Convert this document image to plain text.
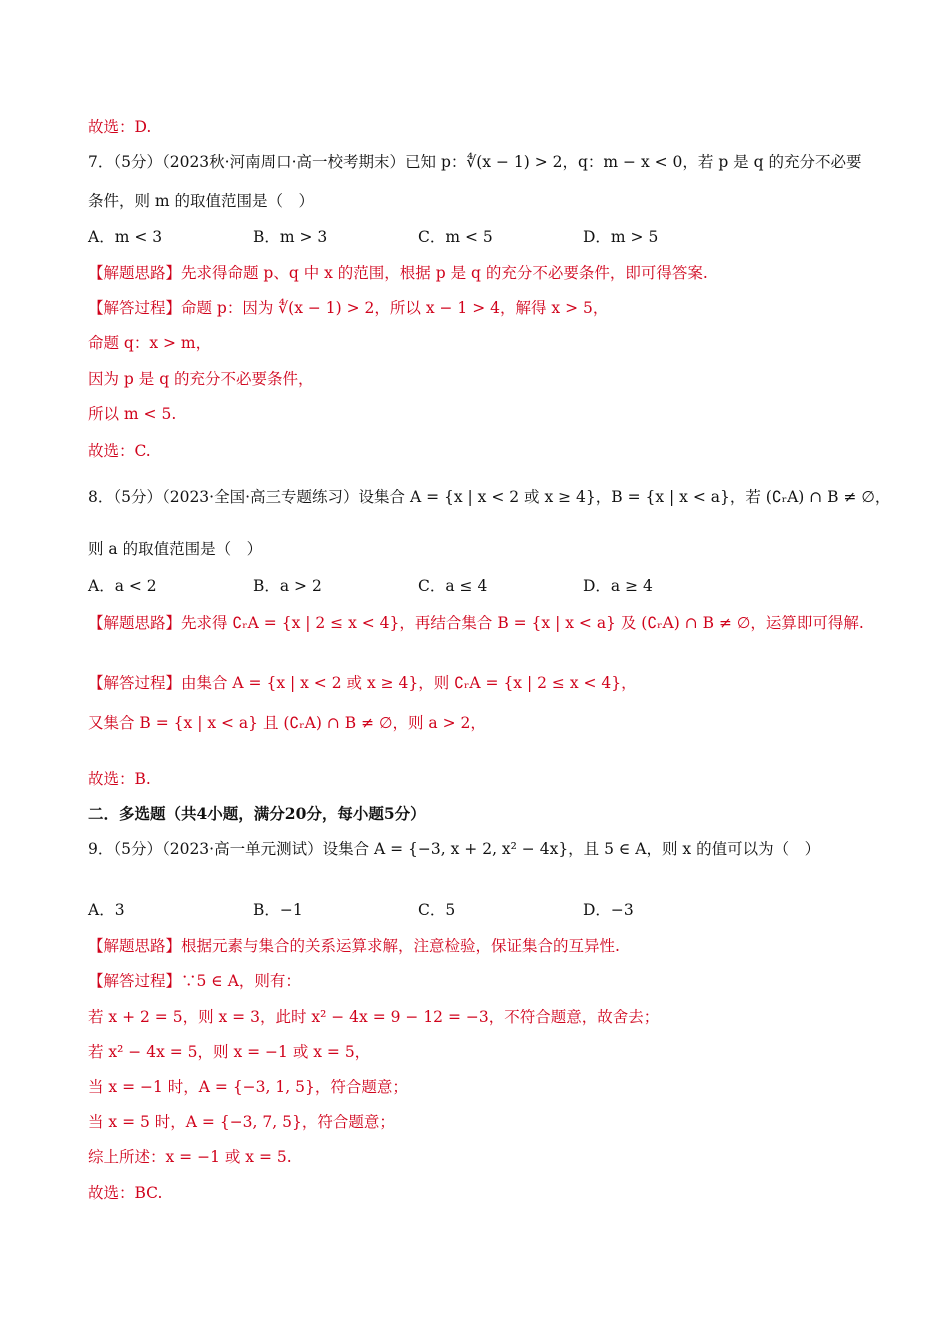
故选：D.
7．（5分）（2023秋·河南周口·高一校考期末）已知 p：∜(x − 1) > 2，q：m − x < 0，若 p 是 q 的充分不必要
条件，则 m 的取值范围是（　）
【解题思路】先求得命题 p、q 中 x 的范围，根据 p 是 q 的充分不必要条件，即可得答案.
【解答过程】命题 p：因为 ∜(x − 1) > 2，所以 x − 1 > 4，解得 x > 5，
命题 q：x > m，
因为 p 是 q 的充分不必要条件，
所以 m < 5.
故选：C.
8．（5分）（2023·全国·高三专题练习）设集合 A = {x | x < 2 或 x ≥ 4}，B = {x | x < a}，若 (∁ᵣA) ∩ B ≠ ∅，
则 a 的取值范围是（　）
【解题思路】先求得 ∁ᵣA = {x | 2 ≤ x < 4}，再结合集合 B = {x | x < a} 及 (∁ᵣA) ∩ B ≠ ∅，运算即可得解.
【解答过程】由集合 A = {x | x < 2 或 x ≥ 4}，则 ∁ᵣA = {x | 2 ≤ x < 4}，
又集合 B = {x | x < a} 且 (∁ᵣA) ∩ B ≠ ∅，则 a > 2，
故选：B.
二．多选题（共4小题，满分20分，每小题5分）
9．（5分）（2023·高一单元测试）设集合 A = {−3, x + 2, x² − 4x}，且 5 ∈ A，则 x 的值可以为（　）
【解题思路】根据元素与集合的关系运算求解，注意检验，保证集合的互异性.
【解答过程】∵5 ∈ A，则有：
若 x + 2 = 5，则 x = 3，此时 x² − 4x = 9 − 12 = −3，不符合题意，故舍去；
若 x² − 4x = 5，则 x = −1 或 x = 5，
当 x = −1 时，A = {−3, 1, 5}，符合题意；
当 x = 5 时，A = {−3, 7, 5}，符合题意；
综上所述：x = −1 或 x = 5.
故选：BC.
A．m < 3	B．m > 3	C．m < 5	D．m > 5
A．a < 2	B．a > 2	C．a ≤ 4	D．a ≥ 4
A．3	B．−1	C．5	D．−3
